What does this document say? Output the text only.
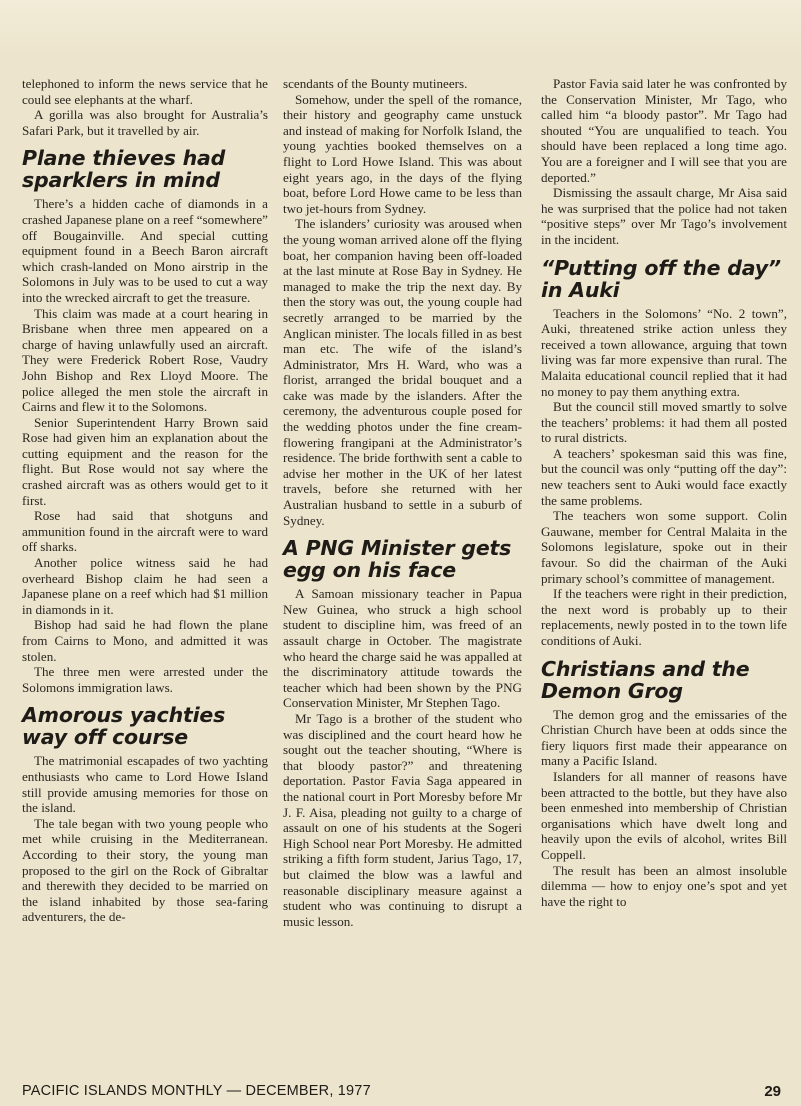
telephoned to inform the news service that he could see elephants at the wharf.

A gorilla was also brought for Australia’s Safari Park, but it travelled by air.

Plane thieves had sparklers in mind

There’s a hidden cache of diamonds in a crashed Japanese plane on a reef “somewhere” off Bougainville. And special cutting equipment found in a Beech Baron aircraft which crash-landed on Mono airstrip in the Solomons in July was to be used to cut a way into the wrecked aircraft to get the treasure.

This claim was made at a court hearing in Brisbane when three men appeared on a charge of having unlawfully used an aircraft. They were Frederick Robert Rose, Vaudry John Bishop and Rex Lloyd Moore. The police alleged the men stole the aircraft in Cairns and flew it to the Solomons.

Senior Superintendent Harry Brown said Rose had given him an explanation about the cutting equipment and the reason for the flight. But Rose would not say where the crashed aircraft was as others would get to it first.

Rose had said that shotguns and ammunition found in the aircraft were to ward off sharks.

Another police witness said he had overheard Bishop claim he had seen a Japanese plane on a reef which had $1 million in diamonds in it.

Bishop had said he had flown the plane from Cairns to Mono, and admitted it was stolen.

The three men were arrested under the Solomons immigration laws.

Amorous yachties way off course

The matrimonial escapades of two yachting enthusiasts who came to Lord Howe Island still provide amusing memories for those on the island.

The tale began with two young people who met while cruising in the Mediterranean. According to their story, the young man proposed to the girl on the Rock of Gibraltar and therewith they decided to be married on the island inhabited by those sea-faring adventurers, the de-

scendants of the Bounty mutineers.

Somehow, under the spell of the romance, their history and geography came unstuck and instead of making for Norfolk Island, the young yachties booked themselves on a flight to Lord Howe Island. This was about eight years ago, in the days of the flying boat, before Lord Howe came to be less than two jet-hours from Sydney.

The islanders’ curiosity was aroused when the young woman arrived alone off the flying boat, her companion having been off-loaded at the last minute at Rose Bay in Sydney. He managed to make the trip the next day. By then the story was out, the young couple had secretly arranged to be married by the Anglican minister. The locals filled in as best man etc. The wife of the island’s Administrator, Mrs H. Ward, who was a florist, arranged the bridal bouquet and a cake was made by the islanders. After the ceremony, the adventurous couple posed for the wedding photos under the fine cream-flowering frangipani at the Administrator’s residence. The bride forthwith sent a cable to advise her mother in the UK of her latest travels, before she returned with her Australian husband to settle in a suburb of Sydney.

A PNG Minister gets egg on his face

A Samoan missionary teacher in Papua New Guinea, who struck a high school student to discipline him, was freed of an assault charge in October. The magistrate who heard the charge said he was appalled at the discriminatory attitude towards the teacher which had been shown by the PNG Conservation Minister, Mr Stephen Tago.

Mr Tago is a brother of the student who was disciplined and the court heard how he sought out the teacher shouting, “Where is that bloody pastor?” and threatening deportation. Pastor Favia Saga appeared in the national court in Port Moresby before Mr J. F. Aisa, pleading not guilty to a charge of assault on one of his students at the Sogeri High School near Port Moresby. He admitted striking a fifth form student, Jarius Tago, 17, but claimed the blow was a lawful and reasonable disciplinary measure against a student who was continuing to disrupt a music lesson.

Pastor Favia said later he was confronted by the Conservation Minister, Mr Tago, who called him “a bloody pastor”. Mr Tago had shouted “You are unqualified to teach. You should have been replaced a long time ago. You are a foreigner and I will see that you are deported.”

Dismissing the assault charge, Mr Aisa said he was surprised that the police had not taken “positive steps” over Mr Tago’s involvement in the incident.

“Putting off the day” in Auki

Teachers in the Solomons’ “No. 2 town”, Auki, threatened strike action unless they received a town allowance, arguing that town living was far more expensive than rural. The Malaita educational council replied that it had no money to pay them anything extra.

But the council still moved smartly to solve the teachers’ problems: it had them all posted to rural districts.

A teachers’ spokesman said this was fine, but the council was only “putting off the day”: new teachers sent to Auki would face exactly the same problems.

The teachers won some support. Colin Gauwane, member for Central Malaita in the Solomons legislature, spoke out in their favour. So did the chairman of the Auki primary school’s committee of management.

If the teachers were right in their prediction, the next word is probably up to their replacements, newly posted in to the town life conditions of Auki.

Christians and the Demon Grog

The demon grog and the emissaries of the Christian Church have been at odds since the fiery liquors first made their appearance on many a Pacific Island.

Islanders for all manner of reasons have been attracted to the bottle, but they have also been enmeshed into membership of Christian organisations which have dwelt long and heavily upon the evils of alcohol, writes Bill Coppell.

The result has been an almost insoluble dilemma — how to enjoy one’s spot and yet have the right to

PACIFIC ISLANDS MONTHLY — DECEMBER, 1977	29
